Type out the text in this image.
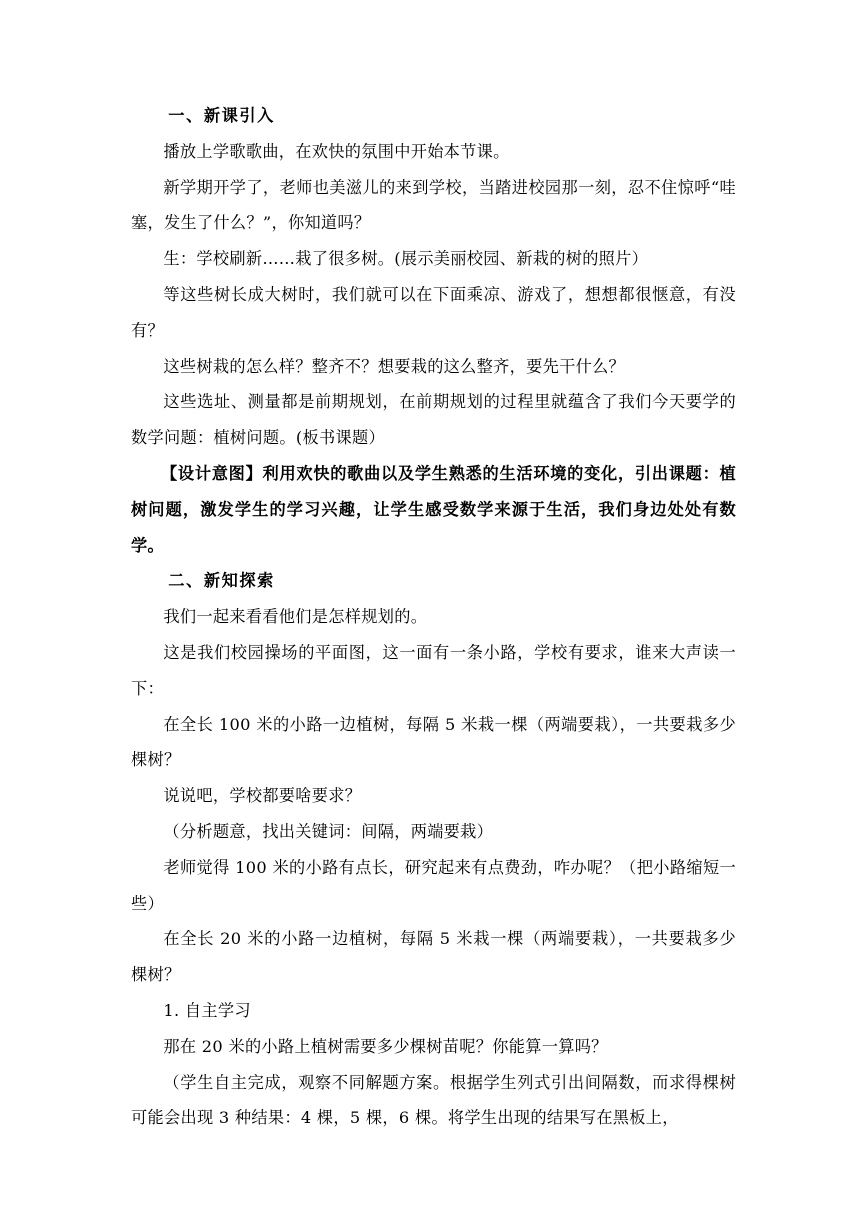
一、新课引入

播放上学歌歌曲，在欢快的氛围中开始本节课。

新学期开学了，老师也美滋儿的来到学校，当踏进校园那一刻，忍不住惊呼“哇塞，发生了什么？”，你知道吗？

生：学校刷新……栽了很多树。(展示美丽校园、新栽的树的照片）

等这些树长成大树时，我们就可以在下面乘凉、游戏了，想想都很惬意，有没有？

这些树栽的怎么样？整齐不？想要栽的这么整齐，要先干什么？

这些选址、测量都是前期规划，在前期规划的过程里就蕴含了我们今天要学的数学问题：植树问题。(板书课题）

【设计意图】利用欢快的歌曲以及学生熟悉的生活环境的变化，引出课题：植树问题，激发学生的学习兴趣，让学生感受数学来源于生活，我们身边处处有数学。

二、新知探索

我们一起来看看他们是怎样规划的。

这是我们校园操场的平面图，这一面有一条小路，学校有要求，谁来大声读一下：

在全长 100 米的小路一边植树，每隔 5 米栽一棵（两端要栽），一共要栽多少棵树？

说说吧，学校都要啥要求？

（分析题意，找出关键词：间隔，两端要栽）

老师觉得 100 米的小路有点长，研究起来有点费劲，咋办呢？（把小路缩短一些）

在全长 20 米的小路一边植树，每隔 5 米栽一棵（两端要栽），一共要栽多少棵树？

1. 自主学习

那在 20 米的小路上植树需要多少棵树苗呢？你能算一算吗？

（学生自主完成，观察不同解题方案。根据学生列式引出间隔数，而求得棵树可能会出现 3 种结果：4 棵，5 棵，6 棵。将学生出现的结果写在黑板上，
